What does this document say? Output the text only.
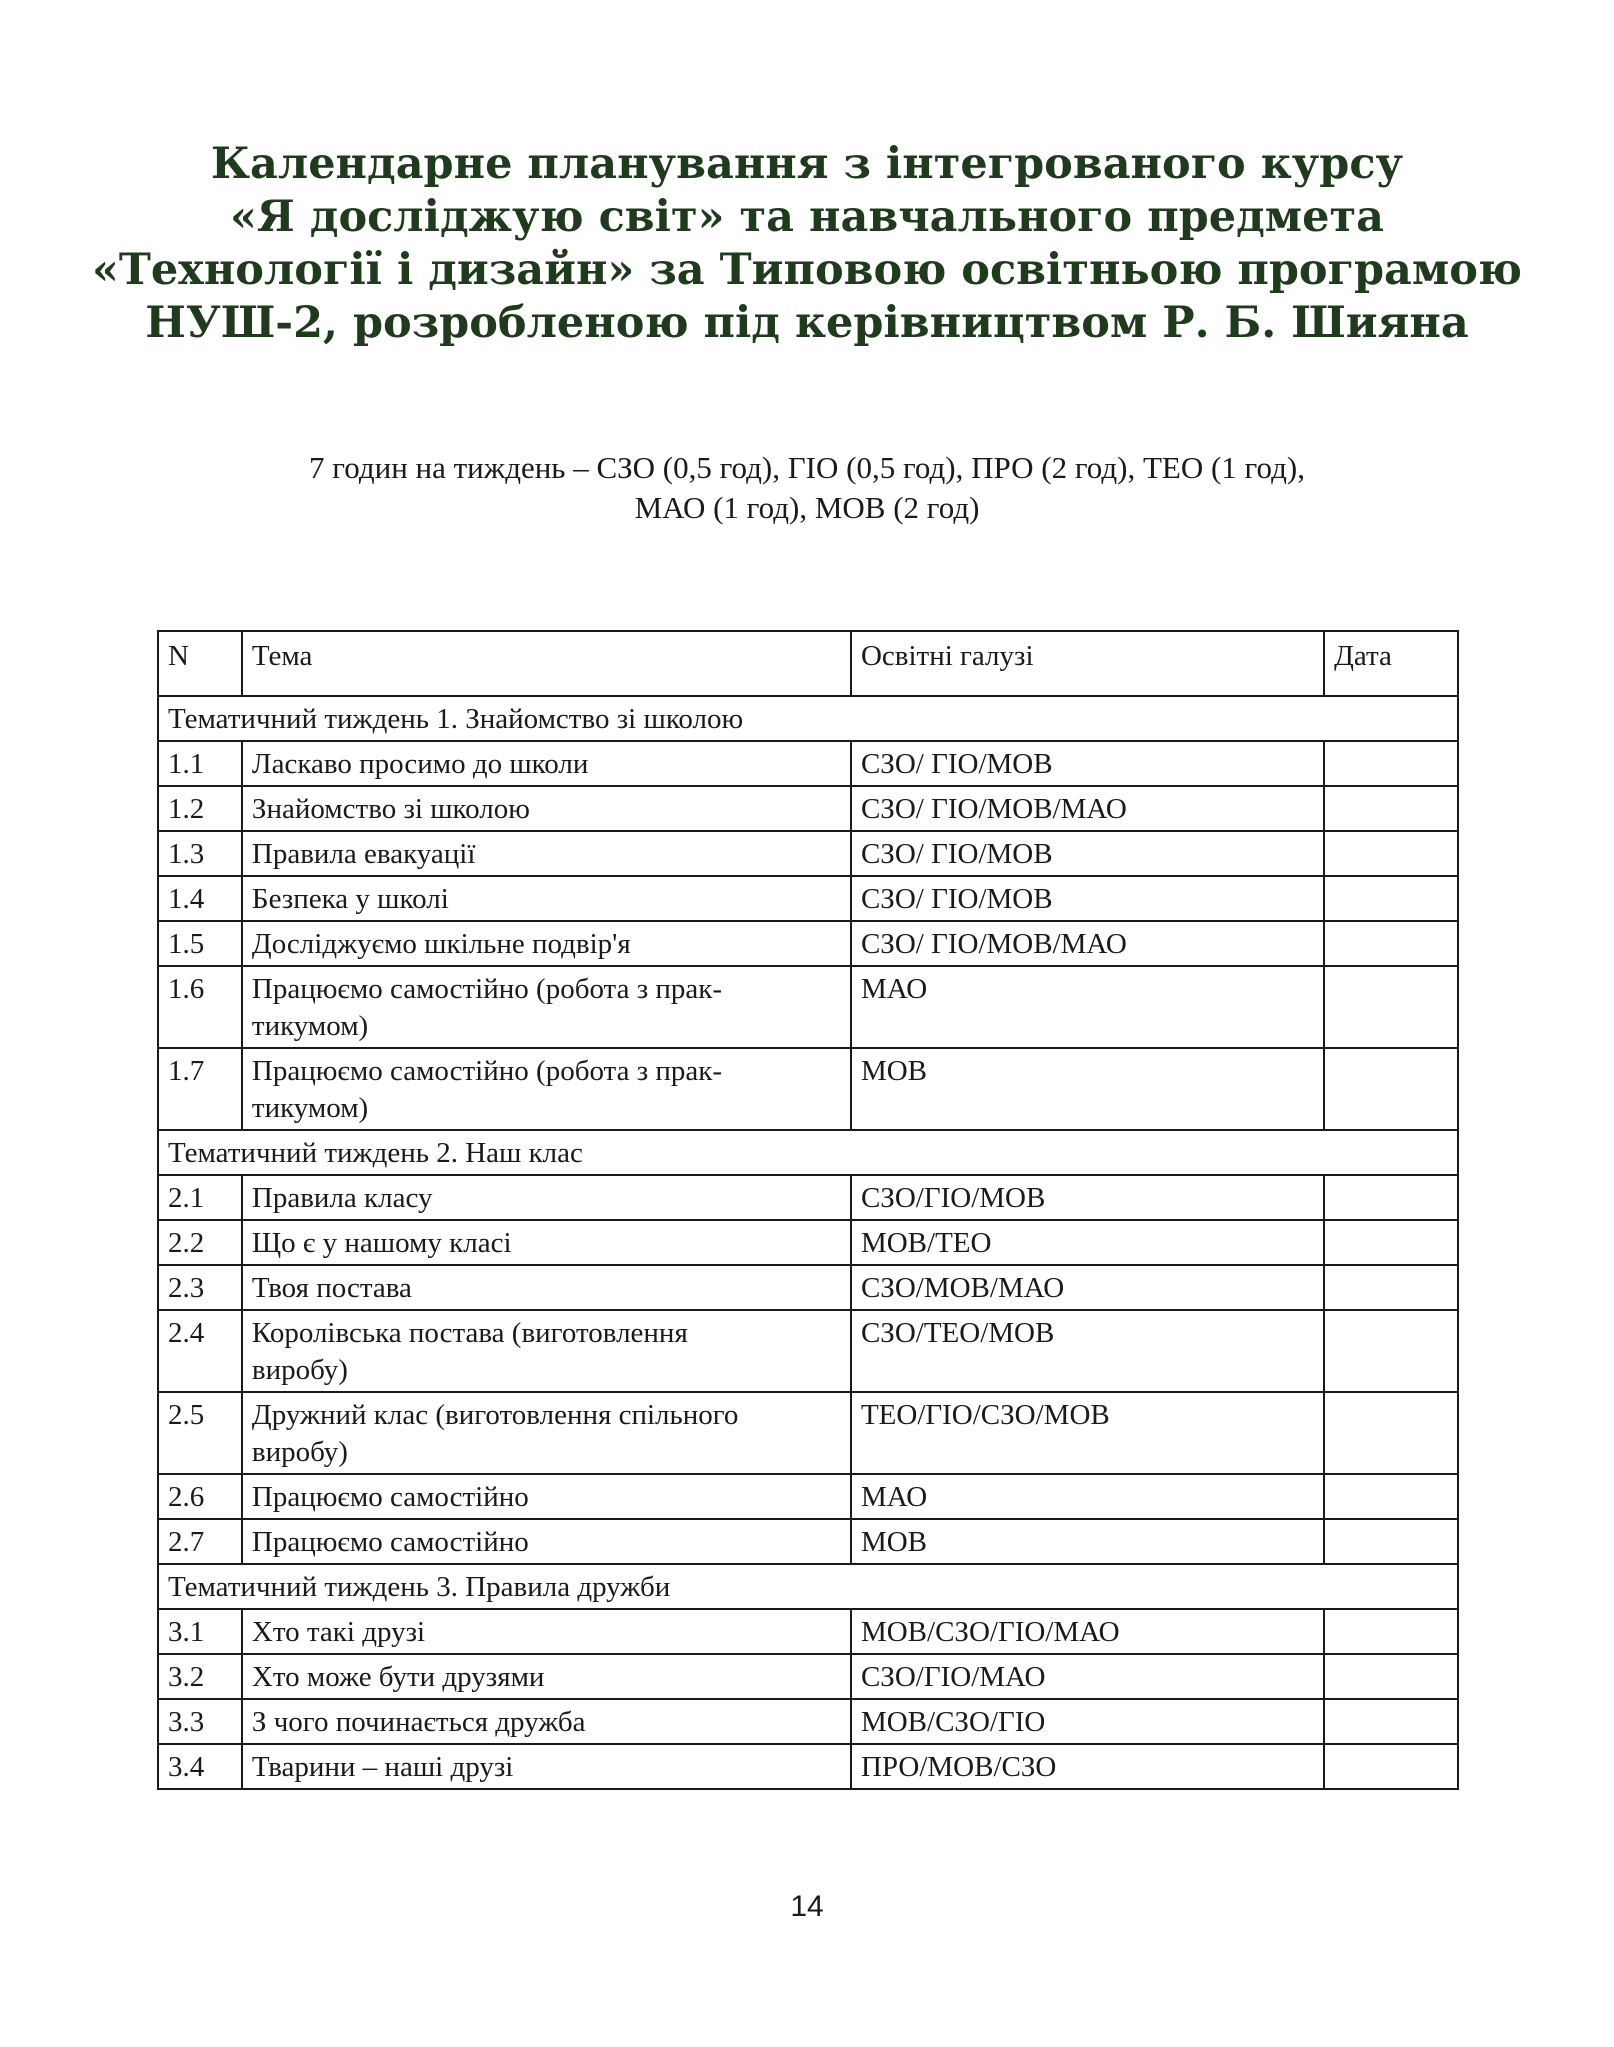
Календарне планування з інтегрованого курсу
«Я досліджую світ» та навчального предмета
«Технології і дизайн» за Типовою освітньою програмою
НУШ-2, розробленою під керівництвом Р. Б. Шияна
7 годин на тиждень – СЗО (0,5 год), ГІО (0,5 год), ПРО (2 год), ТЕО (1 год),
МАО (1 год), МОВ (2 год)
N	Тема	Освітні галузі	Дата
Тематичний тиждень 1. Знайомство зі школою			
1.1	Ласкаво просимо до школи	СЗО/ ГІО/МОВ	
1.2	Знайомство зі школою	СЗО/ ГІО/МОВ/МАО	
1.3	Правила евакуації	СЗО/ ГІО/МОВ	
1.4	Безпека у школі	СЗО/ ГІО/МОВ	
1.5	Досліджуємо шкільне подвір'я	СЗО/ ГІО/МОВ/МАО	
1.6	Працюємо самостійно (робота з прак-
тикумом)	МАО	
1.7	Працюємо самостійно (робота з прак-
тикумом)	МОВ	
Тематичний тиждень 2. Наш клас			
2.1	Правила класу	СЗО/ГІО/МОВ	
2.2	Що є у нашому класі	МОВ/ТЕО	
2.3	Твоя постава	СЗО/МОВ/МАО	
2.4	Королівська постава (виготовлення
виробу)	СЗО/ТЕО/МОВ	
2.5	Дружний клас (виготовлення спільного
виробу)	ТЕО/ГІО/СЗО/МОВ	
2.6	Працюємо самостійно	МАО	
2.7	Працюємо самостійно	МОВ	
Тематичний тиждень 3. Правила дружби			
3.1	Хто такі друзі	МОВ/СЗО/ГІО/МАО	
3.2	Хто може бути друзями	СЗО/ГІО/МАО	
3.3	З чого починається дружба	МОВ/СЗО/ГІО	
3.4	Тварини – наші друзі	ПРО/МОВ/СЗО	
14
